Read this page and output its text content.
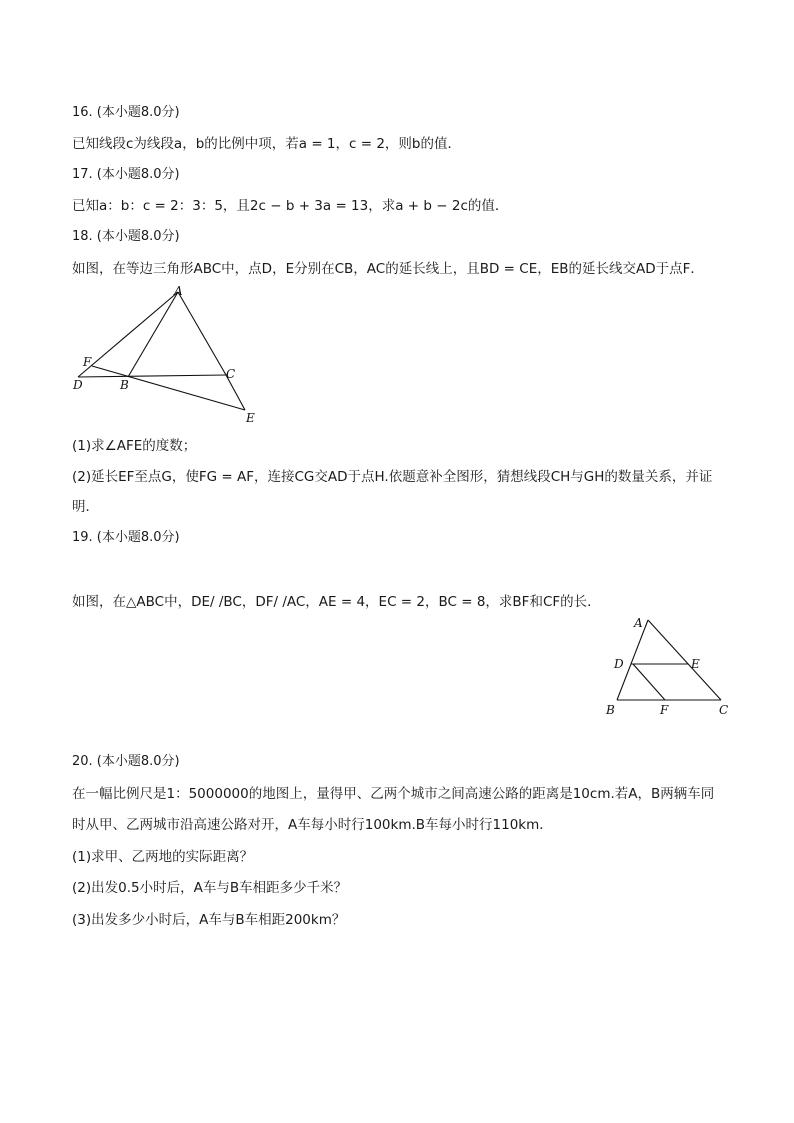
16. (本小题8.0分)
已知线段c为线段a，b的比例中项，若a = 1，c = 2，则b的值．
17. (本小题8.0分)
已知a：b：c = 2：3：5，且2c − b + 3a = 13，求a + b − 2c的值．
18. (本小题8.0分)
如图，在等边三角形ABC中，点D，E分别在CB，AC的延长线上，且BD = CE，EB的延长线交AD于点F．
A
F
D	B
C
E
(1)求∠AFE的度数；
(2)延长EF至点G，使FG = AF，连接CG交AD于点H.依题意补全图形，猜想线段CH与GH的数量关系，并证
明．
19. (本小题8.0分)
如图，在△ABC中，DE/ /BC，DF/ /AC，AE = 4，EC = 2，BC = 8，求BF和CF的长．
A
D	E
B	F	C
20. (本小题8.0分)
在一幅比例尺是1：5000000的地图上，量得甲、乙两个城市之间高速公路的距离是10cm.若A，B两辆车同
时从甲、乙两城市沿高速公路对开，A车每小时行100km.B车每小时行110km．
(1)求甲、乙两地的实际距离？
(2)出发0.5小时后，A车与B车相距多少千米？
(3)出发多少小时后，A车与B车相距200km？
